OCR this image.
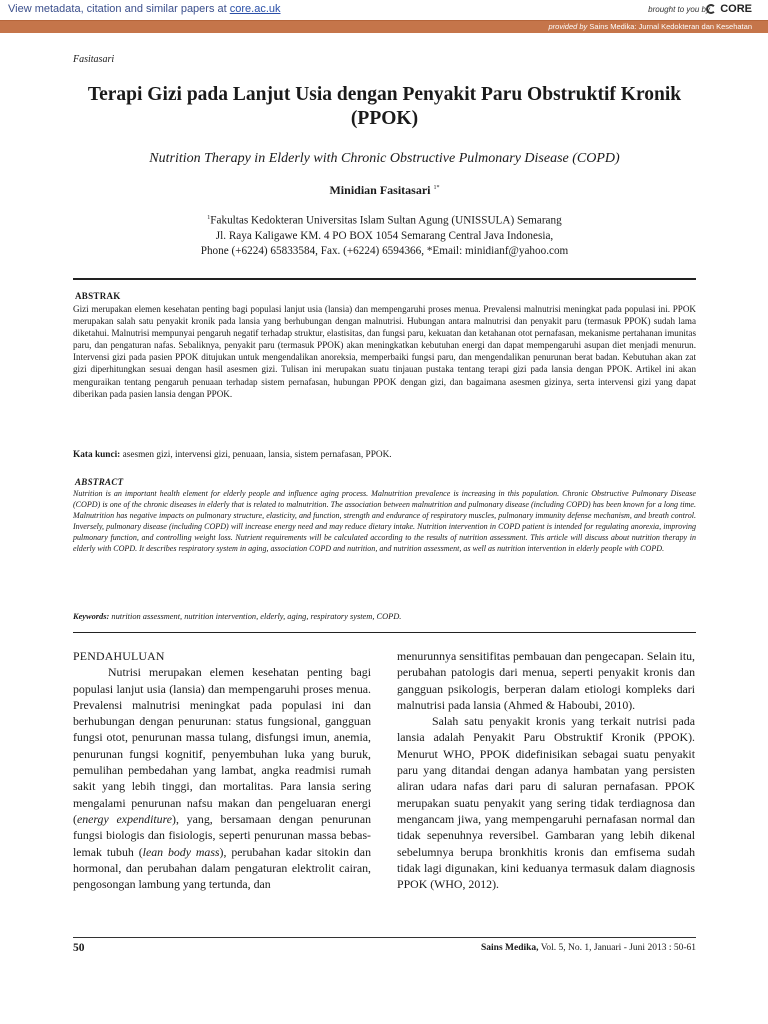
View metadata, citation and similar papers at core.ac.uk	brought to you by CORE
provided by Sains Medika: Jurnal Kedokteran dan Kesehatan
Fasitasari
Terapi Gizi pada Lanjut Usia dengan Penyakit Paru Obstruktif Kronik (PPOK)
Nutrition Therapy in Elderly with Chronic Obstructive Pulmonary Disease (COPD)
Minidian Fasitasari $^{1*}$
$^1$Fakultas Kedokteran Universitas Islam Sultan Agung (UNISSULA) Semarang
Jl. Raya Kaligawe KM. 4 PO BOX 1054 Semarang Central Java Indonesia,
Phone (+6224) 65833584, Fax. (+6224) 6594366, *Email: minidianf@yahoo.com
ABSTRAK

Gizi merupakan elemen kesehatan penting bagi populasi lanjut usia (lansia) dan mempengaruhi proses menua. Prevalensi malnutrisi meningkat pada populasi ini. PPOK merupakan salah satu penyakit kronik pada lansia yang berhubungan dengan malnutrisi. Hubungan antara malnutrisi dan penyakit paru (termasuk PPOK) sudah lama diketahui. Malnutrisi mempunyai pengaruh negatif terhadap struktur, elastisitas, dan fungsi paru, kekuatan dan ketahanan otot pernafasan, mekanisme pertahanan imunitas paru, dan pengaturan nafas. Sebaliknya, penyakit paru (termasuk PPOK) akan meningkatkan kebutuhan energi dan dapat mempengaruhi asupan diet menjadi menurun. Intervensi gizi pada pasien PPOK ditujukan untuk mengendalikan anoreksia, memperbaiki fungsi paru, dan mengendalikan penurunan berat badan. Kebutuhan akan zat gizi diperhitungkan sesuai dengan hasil asesmen gizi. Tulisan ini merupakan suatu tinjauan pustaka tentang terapi gizi pada lansia dengan PPOK. Artikel ini akan menguraikan tentang pengaruh penuaan terhadap sistem pernafasan, hubungan PPOK dengan gizi, dan bagaimana asesmen gizinya, serta intervensi gizi yang dapat diberikan pada pasien lansia dengan PPOK.

Kata kunci: asesmen gizi, intervensi gizi, penuaan, lansia, sistem pernafasan, PPOK.
ABSTRACT

Nutrition is an important health element for elderly people and influence aging process. Malnutrition prevalence is increasing in this population. Chronic Obstructive Pulmonary Disease (COPD) is one of the chronic diseases in elderly that is related to malnutrition. The association between malnutrition and pulmonary disease (including COPD) has been known for a long time. Malnutrition has negative impacts on pulmonary structure, elasticity, and function, strength and endurance of respiratory muscles, pulmonary immunity defense mechanism, and breath control. Inversely, pulmonary disease (including COPD) will increase energy need and may reduce dietary intake. Nutrition intervention in COPD patient is intended for regulating anorexia, improving pulmonary function, and controlling weight loss. Nutrient requirements will be calculated according to the results of nutrition assessment. This article will discuss about nutrition therapy in elderly with COPD. It describes respiratory system in aging, association COPD and nutrition, and nutrition assessment, as well as nutrition intervention in elderly people with COPD.

Keywords: nutrition assessment, nutrition intervention, elderly, aging, respiratory system, COPD.

PENDAHULUAN

Nutrisi merupakan elemen kesehatan penting bagi populasi lanjut usia (lansia) dan mempengaruhi proses menua. Prevalensi malnutrisi meningkat pada populasi ini dan berhubungan dengan penurunan: status fungsional, gangguan fungsi otot, penurunan massa tulang, disfungsi imun, anemia, penurunan fungsi kognitif, penyembuhan luka yang buruk, pemulihan pembedahan yang lambat, angka readmisi rumah sakit yang lebih tinggi, dan mortalitas. Para lansia sering mengalami penurunan nafsu makan dan pengeluaran energi (energy expenditure), yang, bersamaan dengan penurunan fungsi biologis dan fisiologis, seperti penurunan massa bebas-lemak tubuh (lean body mass), perubahan kadar sitokin dan hormonal, dan perubahan dalam pengaturan elektrolit cairan, pengosongan lambung yang tertunda, dan

menurunnya sensitifitas pembauan dan pengecapan. Selain itu, perubahan patologis dari menua, seperti penyakit kronis dan gangguan psikologis, berperan dalam etiologi kompleks dari malnutrisi pada lansia (Ahmed & Haboubi, 2010).

Salah satu penyakit kronis yang terkait nutrisi pada lansia adalah Penyakit Paru Obstruktif Kronik (PPOK). Menurut WHO, PPOK didefinisikan sebagai suatu penyakit paru yang ditandai dengan adanya hambatan yang persisten aliran udara nafas dari paru di saluran pernafasan. PPOK merupakan suatu penyakit yang sering tidak terdiagnosa dan mengancam jiwa, yang mempengaruhi pernafasan normal dan tidak sepenuhnya reversibel. Gambaran yang lebih dikenal sebelumnya berupa bronkhitis kronis dan emfisema sudah tidak lagi digunakan, kini keduanya termasuk dalam diagnosis PPOK (WHO, 2012).

50	Sains Medika, Vol. 5, No. 1, Januari - Juni 2013 : 50-61
